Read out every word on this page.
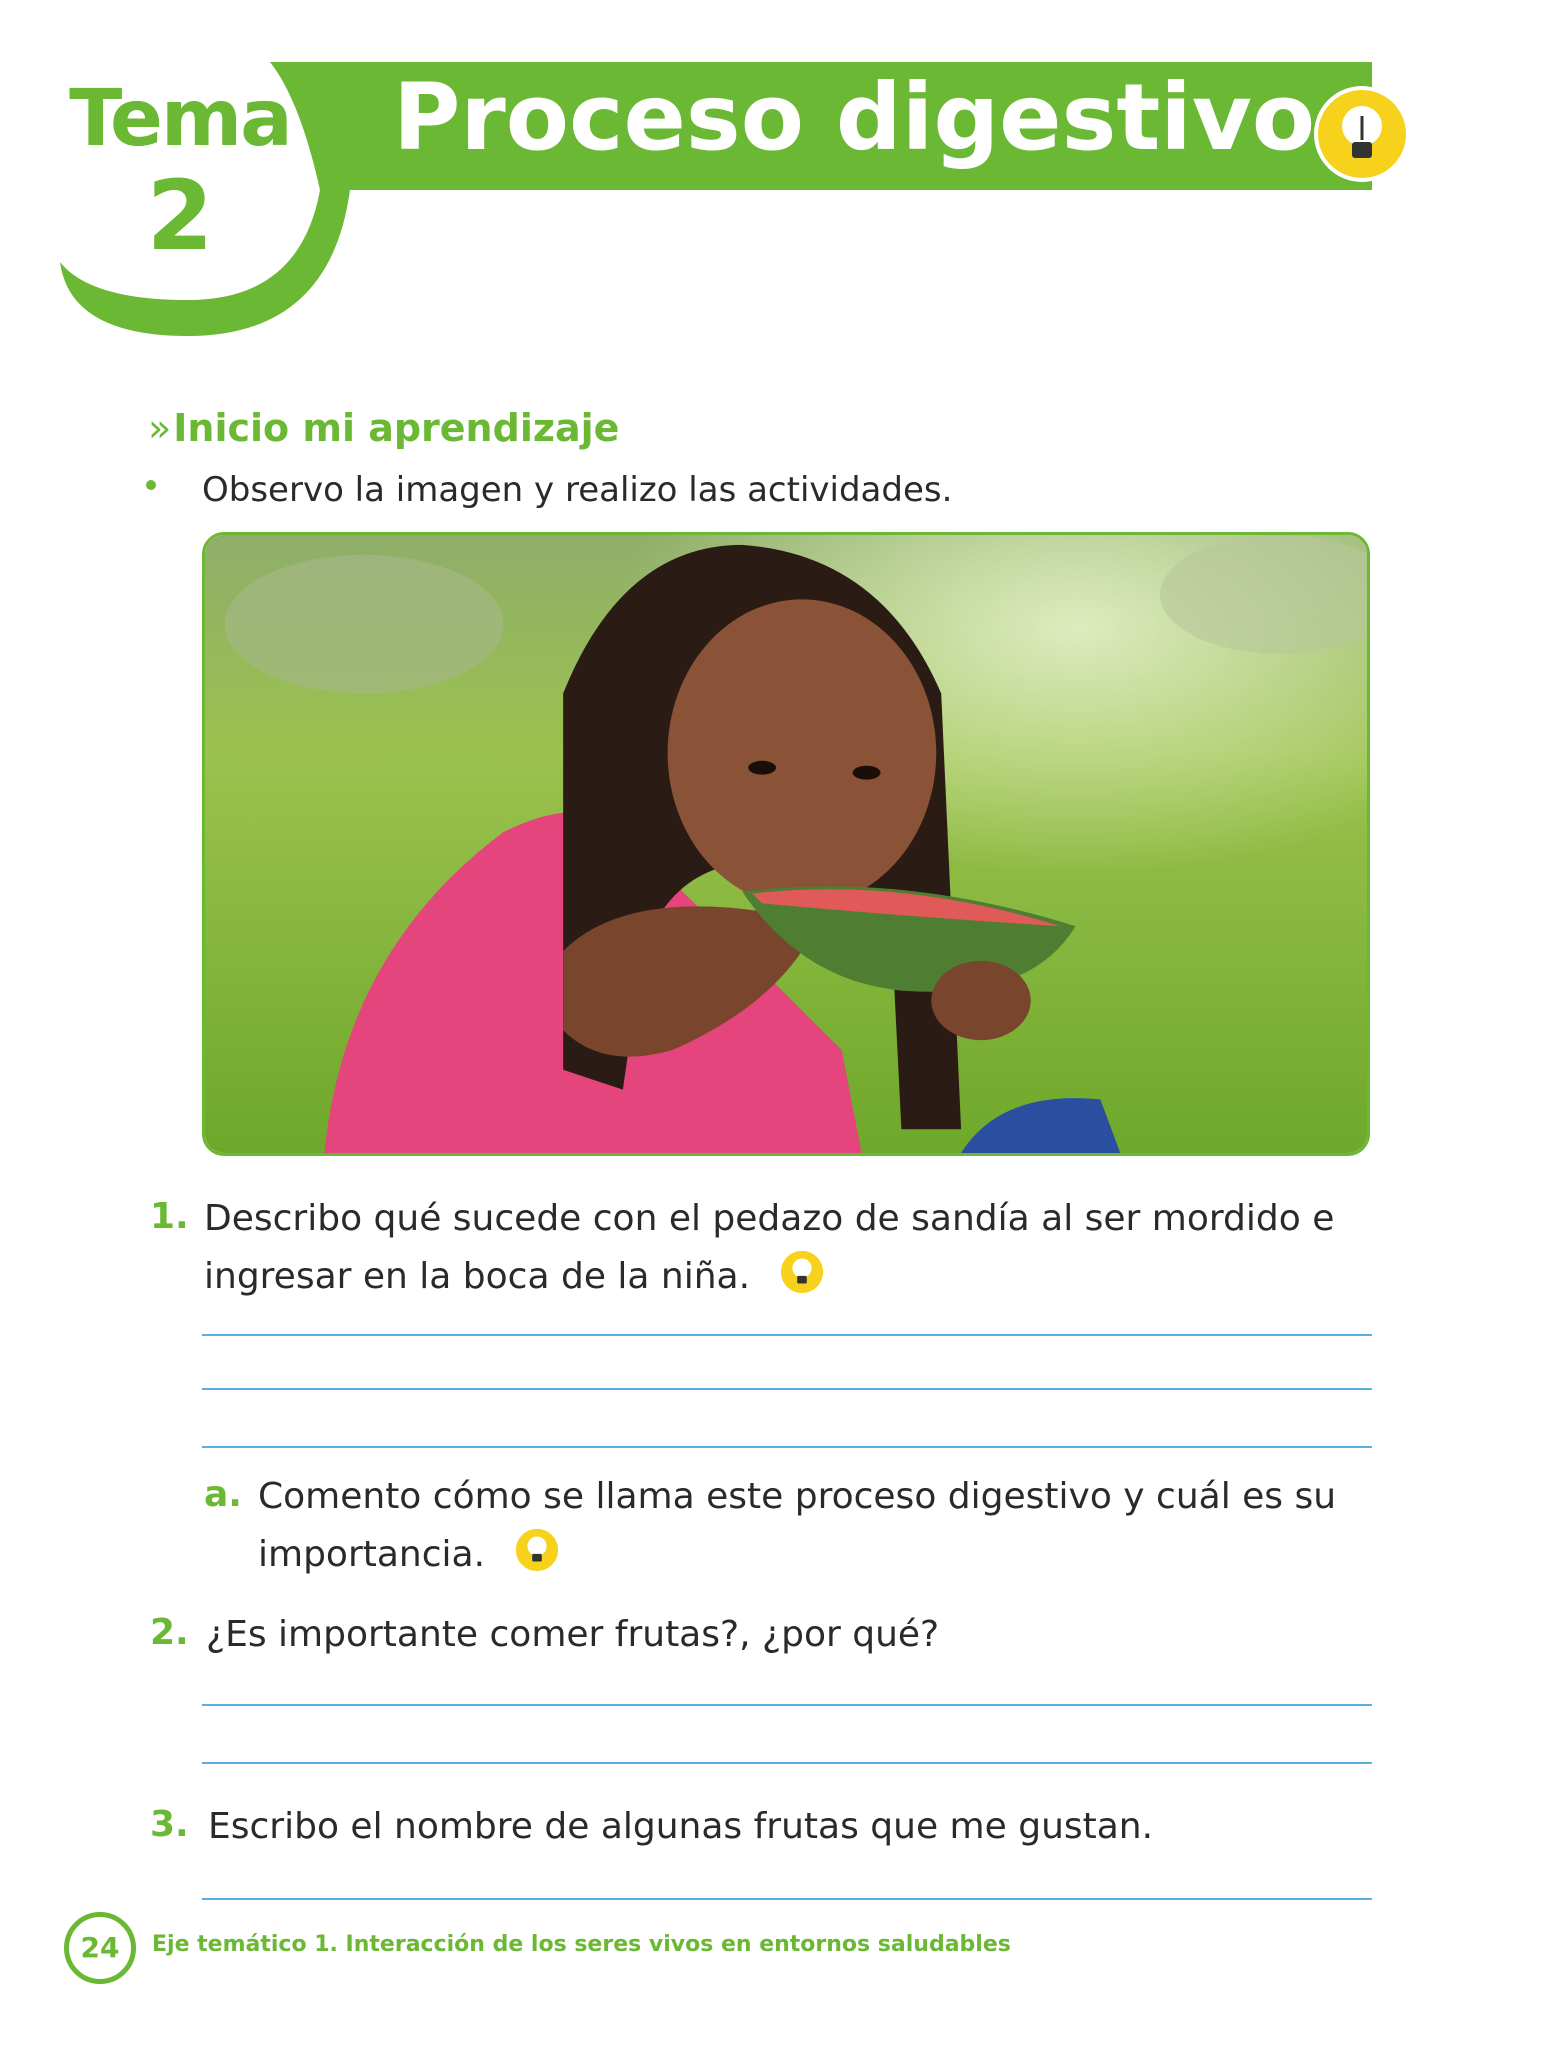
Tema
2
Proceso digestivo
»Inicio mi aprendizaje
Observo la imagen y realizo las actividades.
1. Describo qué sucede con el pedazo de sandía al ser mordido e ingresar en la boca de la niña.
a. Comento cómo se llama este proceso digestivo y cuál es su importancia.
2. ¿Es importante comer frutas?, ¿por qué?
3. Escribo el nombre de algunas frutas que me gustan.
24	Eje temático 1. Interacción de los seres vivos en entornos saludables
